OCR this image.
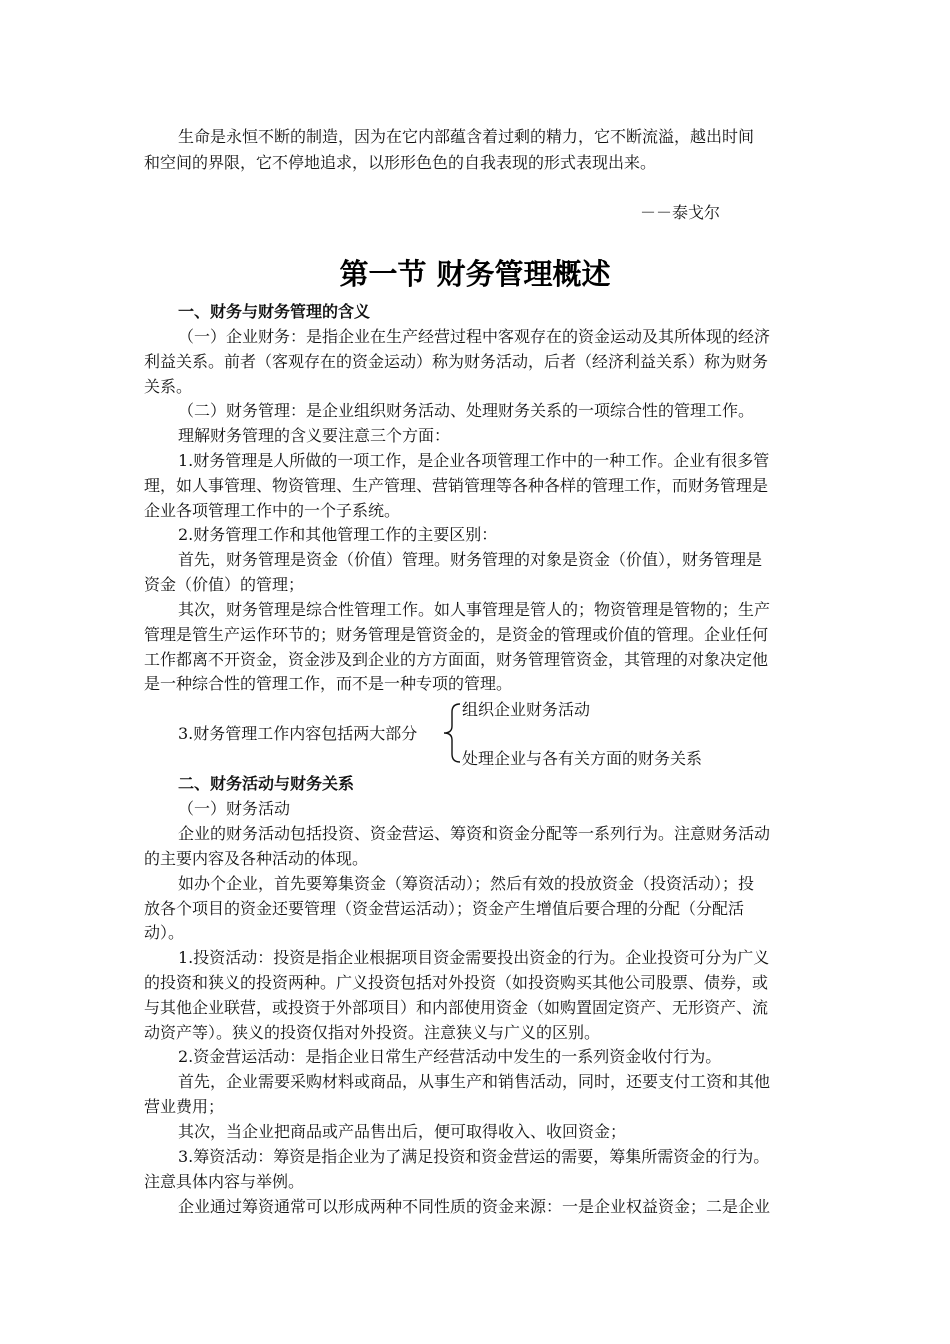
生命是永恒不断的制造，因为在它内部蕴含着过剩的精力，它不断流溢，越出时间
和空间的界限，它不停地追求，以形形色色的自我表现的形式表现出来。
－－泰戈尔
第一节 财务管理概述
一、财务与财务管理的含义
（一）企业财务：是指企业在生产经营过程中客观存在的资金运动及其所体现的经济
利益关系。前者（客观存在的资金运动）称为财务活动，后者（经济利益关系）称为财务
关系。
（二）财务管理：是企业组织财务活动、处理财务关系的一项综合性的管理工作。
理解财务管理的含义要注意三个方面：
1.财务管理是人所做的一项工作，是企业各项管理工作中的一种工作。企业有很多管
理，如人事管理、物资管理、生产管理、营销管理等各种各样的管理工作，而财务管理是
企业各项管理工作中的一个子系统。
2.财务管理工作和其他管理工作的主要区别：
首先，财务管理是资金（价值）管理。财务管理的对象是资金（价值），财务管理是
资金（价值）的管理；
其次，财务管理是综合性管理工作。如人事管理是管人的；物资管理是管物的；生产
管理是管生产运作环节的；财务管理是管资金的，是资金的管理或价值的管理。企业任何
工作都离不开资金，资金涉及到企业的方方面面，财务管理管资金，其管理的对象决定他
是一种综合性的管理工作，而不是一种专项的管理。
3.财务管理工作内容包括两大部分
组织企业财务活动
处理企业与各有关方面的财务关系
二、财务活动与财务关系
（一）财务活动
企业的财务活动包括投资、资金营运、筹资和资金分配等一系列行为。注意财务活动
的主要内容及各种活动的体现。
如办个企业，首先要筹集资金（筹资活动）；然后有效的投放资金（投资活动）；投
放各个项目的资金还要管理（资金营运活动）；资金产生增值后要合理的分配（分配活
动）。
1.投资活动：投资是指企业根据项目资金需要投出资金的行为。企业投资可分为广义
的投资和狭义的投资两种。广义投资包括对外投资（如投资购买其他公司股票、债券，或
与其他企业联营，或投资于外部项目）和内部使用资金（如购置固定资产、无形资产、流
动资产等）。狭义的投资仅指对外投资。注意狭义与广义的区别。
2.资金营运活动：是指企业日常生产经营活动中发生的一系列资金收付行为。
首先，企业需要采购材料或商品，从事生产和销售活动，同时，还要支付工资和其他
营业费用；
其次，当企业把商品或产品售出后，便可取得收入、收回资金；
3.筹资活动：筹资是指企业为了满足投资和资金营运的需要，筹集所需资金的行为。
注意具体内容与举例。
企业通过筹资通常可以形成两种不同性质的资金来源：一是企业权益资金；二是企业
